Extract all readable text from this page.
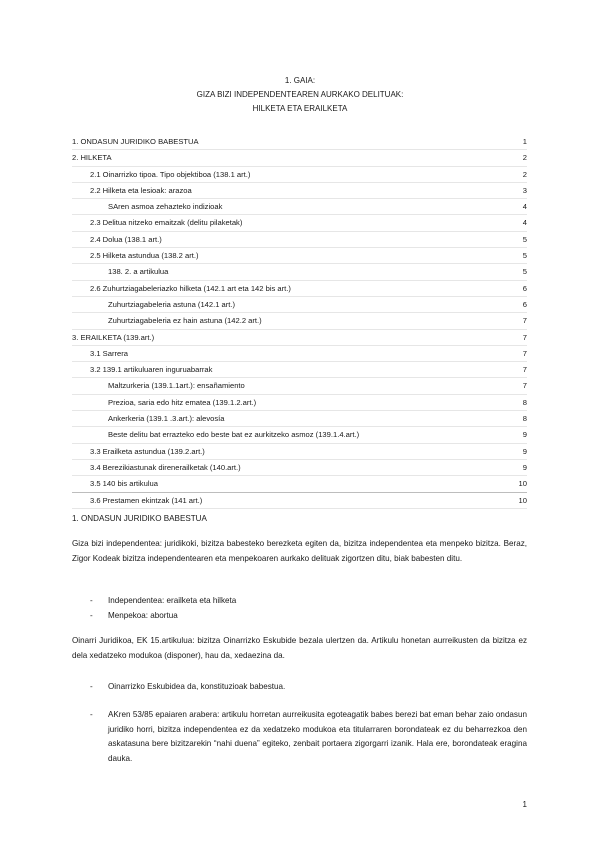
1. GAIA:
GIZA BIZI INDEPENDENTEAREN AURKAKO DELITUAK:
HILKETA ETA ERAILKETA
1. ONDASUN JURIDIKO BABESTUA	1
2. HILKETA	2
2.1 Oinarrizko tipoa. Tipo objektiboa (138.1 art.)	2
2.2 Hilketa eta lesioak: arazoa	3
SAren asmoa zehazteko indizioak	4
2.3 Delitua nitzeko emaitzak (delitu pilaketak)	4
2.4 Dolua (138.1 art.)	5
2.5 Hilketa astundua (138.2 art.)	5
138. 2. a artikulua	5
2.6 Zuhurtziagabeleriazko hilketa (142.1 art eta 142 bis art.)	6
Zuhurtziagabeleria astuna (142.1 art.)	6
Zuhurtziagabeleria ez hain astuna (142.2 art.)	7
3. ERAILKETA (139.art.)	7
3.1 Sarrera	7
3.2 139.1 artikuluaren inguruabarrak	7
Maltzurkeria (139.1.1art.): ensañamiento	7
Prezioa, saria edo hitz ematea (139.1.2.art.)	8
Ankerkeria (139.1 .3.art.): alevosía	8
Beste delitu bat errazteko edo beste bat ez aurkitzeko asmoz (139.1.4.art.)	9
3.3 Erailketa astundua (139.2.art.)	9
3.4 Berezikiastunak direnerailketak (140.art.)	9
3.5 140 bis artikulua	10
3.6 Prestamen ekintzak (141 art.)	10
1. ONDASUN JURIDIKO BABESTUA
Giza bizi independentea: juridikoki, bizitza babesteko berezketa egiten da, bizitza independentea eta menpeko bizitza. Beraz, Zigor Kodeak bizitza independentearen eta menpekoaren aurkako delituak zigortzen ditu, biak babesten ditu.
- Independentea: erailketa eta hilketa
- Menpekoa: abortua
Oinarri Juridikoa, EK 15.artikulua: bizitza Oinarrizko Eskubide bezala ulertzen da. Artikulu honetan aurreikusten da bizitza ez dela xedatzeko modukoa (disponer), hau da, xedaezina da.
- Oinarrizko Eskubidea da, konstituzioak babestua.
- AKren 53/85 epaiaren arabera: artikulu horretan aurreikusita egoteagatik babes berezi bat eman behar zaio ondasun juridiko horri, bizitza independentea ez da xedatzeko modukoa eta titularraren borondateak ez du beharrezkoa den askatasuna bere bizitzarekin “nahi duena” egiteko, zenbait portaera zigorgarri izanik. Hala ere, borondateak eragina dauka.
1
